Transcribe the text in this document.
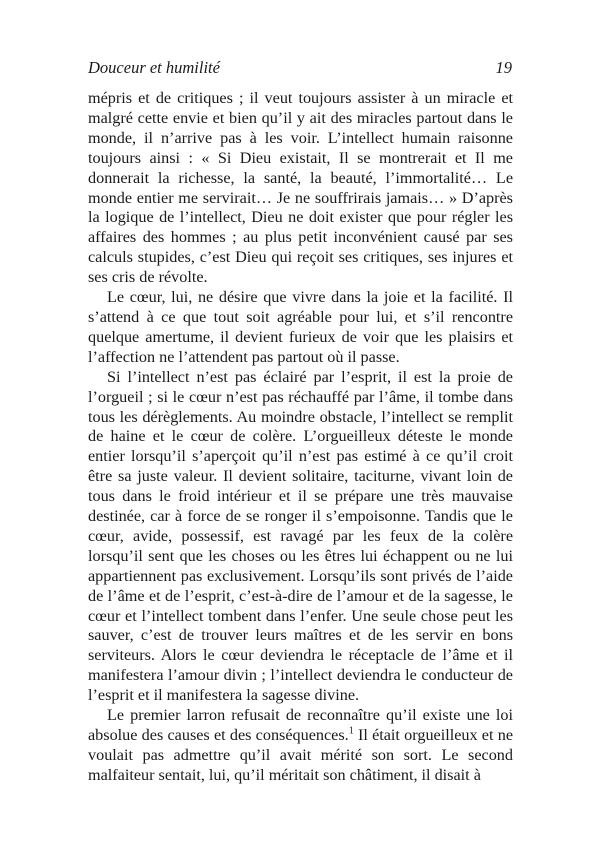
Douceur et humilité	19

mépris et de critiques ; il veut toujours assister à un miracle et malgré cette envie et bien qu’il y ait des miracles partout dans le monde, il n’arrive pas à les voir. L’intellect humain raisonne toujours ainsi : « Si Dieu existait, Il se montrerait et Il me donnerait la richesse, la santé, la beauté, l’immortalité… Le monde entier me servirait… Je ne souffrirais jamais… » D’après la logique de l’intellect, Dieu ne doit exister que pour régler les affaires des hommes ; au plus petit inconvénient causé par ses calculs stupides, c’est Dieu qui reçoit ses critiques, ses injures et ses cris de révolte.

Le cœur, lui, ne désire que vivre dans la joie et la facilité. Il s’attend à ce que tout soit agréable pour lui, et s’il rencontre quelque amertume, il devient furieux de voir que les plaisirs et l’affection ne l’attendent pas partout où il passe.

Si l’intellect n’est pas éclairé par l’esprit, il est la proie de l’orgueil ; si le cœur n’est pas réchauffé par l’âme, il tombe dans tous les dérèglements. Au moindre obstacle, l’intellect se remplit de haine et le cœur de colère. L’orgueilleux déteste le monde entier lorsqu’il s’aperçoit qu’il n’est pas estimé à ce qu’il croit être sa juste valeur. Il devient solitaire, taciturne, vivant loin de tous dans le froid intérieur et il se prépare une très mauvaise destinée, car à force de se ronger il s’empoisonne. Tandis que le cœur, avide, possessif, est ravagé par les feux de la colère lorsqu’il sent que les choses ou les êtres lui échappent ou ne lui appartiennent pas exclusivement. Lorsqu’ils sont privés de l’aide de l’âme et de l’esprit, c’est-à-dire de l’amour et de la sagesse, le cœur et l’intellect tombent dans l’enfer. Une seule chose peut les sauver, c’est de trouver leurs maîtres et de les servir en bons serviteurs. Alors le cœur deviendra le réceptacle de l’âme et il manifestera l’amour divin ; l’intellect deviendra le conducteur de l’esprit et il manifestera la sagesse divine.

Le premier larron refusait de reconnaître qu’il existe une loi absolue des causes et des conséquences.$^1$ Il était orgueilleux et ne voulait pas admettre qu’il avait mérité son sort. Le second malfaiteur sentait, lui, qu’il méritait son châtiment, il disait à
